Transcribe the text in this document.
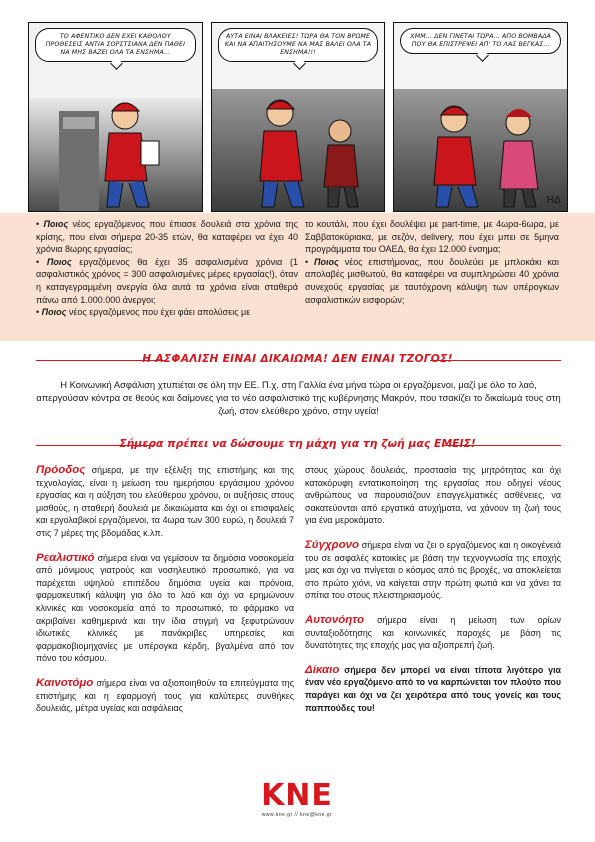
ΤΟ ΑΦΕΝΤΙΚΟ ΔΕΝ ΕΧΕΙ ΚΑΘΟΛΟΥ ΠΡΟΘΕΣΕΙΣ ΑΝΤΙΑ ΣΟΡΣΤΣΙΑΝΑ ΔΕΝ ΠΑΘΕΙ ΝΑ ΜΗΣ ΒΑΖΕΙ ΟΛΑ ΤΑ ΕΝΣΗΜΑ...
ΑΥΤΑ ΕΙΝΑΙ ΒΛΑΚΕΙΕΣ! ΤΩΡΑ ΘΑ ΤΟΝ ΒΡΩΜΕ ΚΑΙ ΝΑ ΑΠΑΙΤΗΣΟΥΜΕ ΝΑ ΜΑΣ ΒΑΛΕΙ ΟΛΑ ΤΑ ΕΝΣΗΜΑ!!!
ΧΜΜ... ΔΕΝ ΓΙΝΕΤΑΙ ΤΩΡΑ... ΑΠΟ ΒΟΜΒΑΔΑ ΠΟΥ ΘΑ ΕΠΙΣΤΡΕΨΕΙ ΑΠ' ΤΟ ΛΑΣ ΒΕΓΚΑΣ...
ΗΔ

• Ποιος νέος εργαζόμενος που έπιασε δουλειά στα χρόνια της κρίσης, που είναι σήμερα 20-35 ετών, θα καταφέρει να έχει 40 χρόνια 8ωρης εργασίας;

• Ποιος εργαζόμενος θα έχει 35 ασφαλισμένα χρόνια (1 ασφαλιστικός χρόνος = 300 ασφαλισμένες μέρες εργασίας!), όταν η καταγεγραμμένη ανεργία όλα αυτά τα χρόνια είναι σταθερά πάνω από 1.000.000 άνεργοι;

• Ποιος νέος εργαζόμενος που έχει φάει απολύσεις με

το κουτάλι, που έχει δουλέψει με part-time, με 4ωρα-6ωρα, με Σαββατοκύριακα, με σεζόν, delivery, που έχει μπει σε 5μηνα προγράμματα του ΟΑΕΔ, θα έχει 12.000 ένσημα;

• Ποιος νέος επιστήμονας, που δουλεύει με μπλοκάκι και απολαβές μισθωτού, θα καταφέρει να συμπληρώσει 40 χρόνια συνεχούς εργασίας με ταυτόχρονη κάλυψη των υπέρογκων ασφαλιστικών εισφορών;

Η ΑΣΦΑΛΙΣΗ ΕΙΝΑΙ ΔΙΚΑΙΩΜΑ! ΔΕΝ ΕΙΝΑΙ ΤΖΟΓΟΣ!
Η Κοινωνική Ασφάλιση χτυπιέται σε όλη την ΕΕ. Π.χ. στη Γαλλία ένα μήνα τώρα οι εργαζόμενοι, μαζί με όλο το λαό, απεργούσαν κόντρα σε θεούς και δαίμονες για το νέο ασφαλιστικό της κυβέρνησης Μακρόν, που τσακίζει το δικαίωμά τους στη ζωή, στον ελεύθερο χρόνο, στην υγεία!
Σήμερα πρέπει να δώσουμε τη μάχη για τη ζωή μας ΕΜΕΙΣ!

Πρόοδος σήμερα, με την εξέλιξη της επιστήμης και της τεχνολογίας, είναι η μείωση του ημερήσιου εργάσιμου χρόνου εργασίας και η αύξηση του ελεύθερου χρόνου, οι αυξήσεις στους μισθούς, η σταθερή δουλειά με δικαιώματα και όχι οι επισφαλείς και εργολαβικοί εργαζόμενοι, τα 4ωρα των 300 ευρώ, η δουλειά 7 στις 7 μέρες της βδομάδας κ.λπ.

Ρεαλιστικό σήμερα είναι να γεμίσουν τα δημόσια νοσοκομεία από μόνιμους γιατρούς και νοσηλευτικό προσωπικό, για να παρέχεται υψηλού επιπέδου δημόσια υγεία και πρόνοια, φαρμακευτική κάλυψη για όλο το λαό και όχι να ερημώνουν κλινικές και νοσοκομεία από το προσωπικό, το φάρμακο να ακριβαίνει καθημερινά και την ίδια στιγμή να ξεφυτρώνουν ιδιωτικές κλινικές με πανάκριβες υπηρεσίες και φαρμακοβιομηχανίες με υπέρογκα κέρδη, βγαλμένα από τον πόνο του κόσμου.

Καινοτόμο σήμερα είναι να αξιοποιηθούν τα επιτεύγματα της επιστήμης και η εφαρμογή τους για καλύτερες συνθήκες δουλειάς, μέτρα υγείας και ασφάλειας

στους χώρους δουλειάς, προστασία της μητρότητας και όχι κατακόρυφη εντατικοποίηση της εργασίας που οδηγεί νέους ανθρώπους να παρουσιάζουν επαγγελματικές ασθένειες, να σακατεύονται από εργατικά ατυχήματα, να χάνουν τη ζωή τους για ένα μεροκάματο.

Σύγχρονο σήμερα είναι να ζει ο εργαζόμενος και η οικογένειά του σε ασφαλές κατοικίες με βάση την τεχνογνωσία της εποχής μας και όχι να πνίγεται ο κόσμος από τις βροχές, να αποκλείεται στο πρώτο χιόνι, να καίγεται στην πρώτη φωτιά και να χάνει τα σπίτια του στους πλειστηριασμούς.

Αυτονόητο σήμερα είναι η μείωση των ορίων συνταξιοδότησης και κοινωνικές παροχές με βάση τις δυνατότητες της εποχής μας για αξιοπρεπή ζωή.

Δίκαιο σήμερα δεν μπορεί να είναι τίποτα λιγότερο για έναν νέο εργαζόμενο από το να καρπώνεται τον πλούτο που παράγει και όχι να ζει χειρότερα από τους γονείς και τους παππούδες του!

ΚΝΕ
www.kne.gr // kne@kne.gr
